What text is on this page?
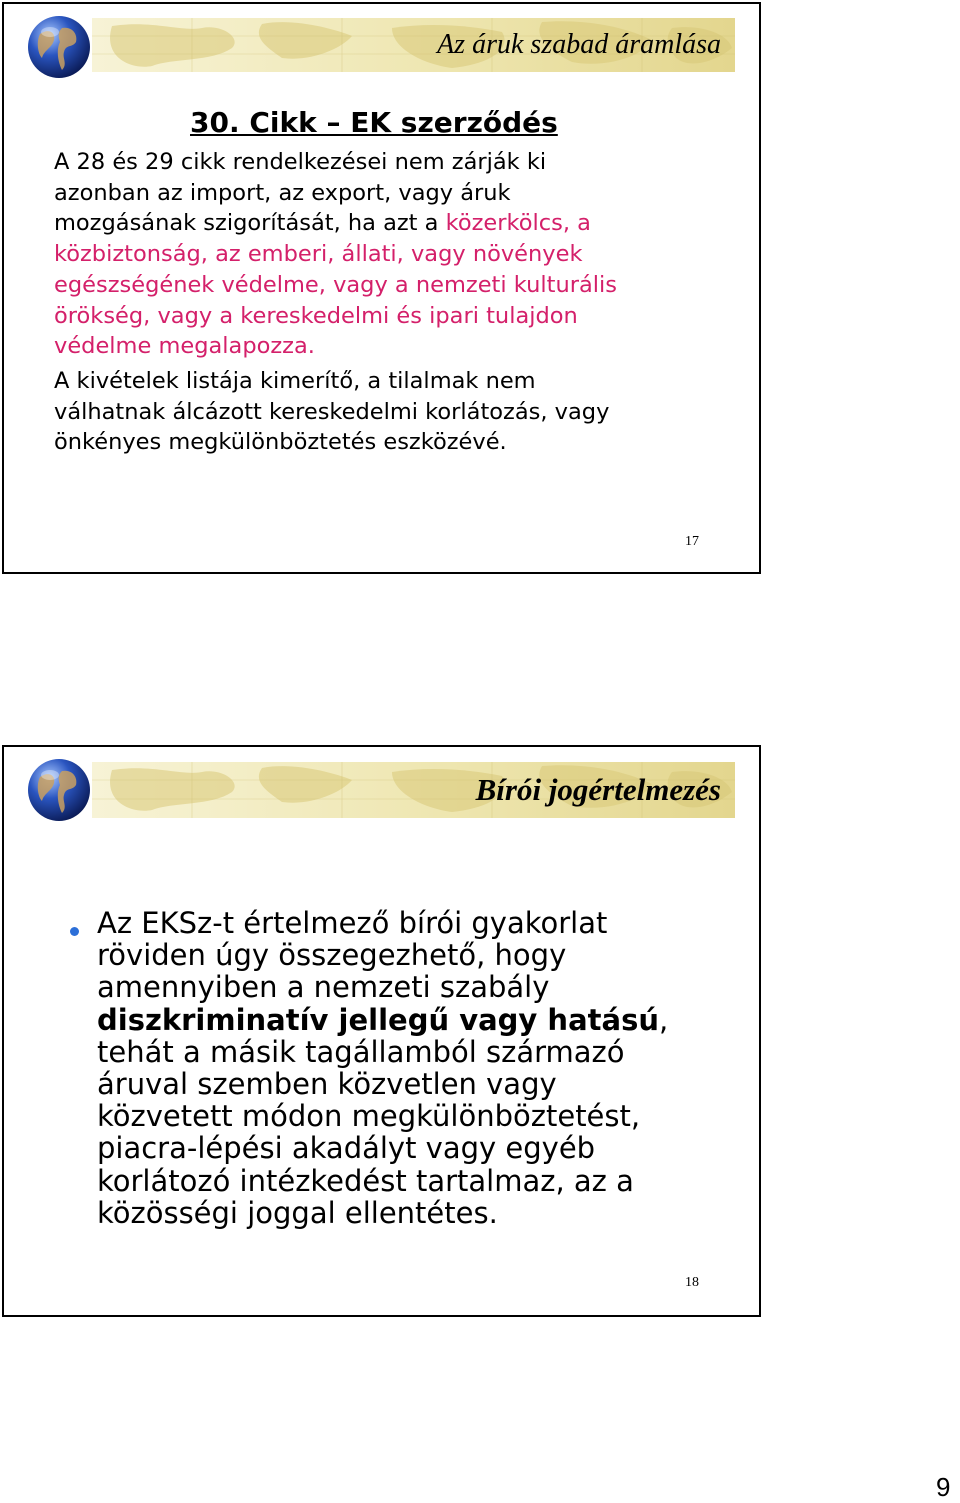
Az áruk szabad áramlása
30. Cikk – EK szerződés

A 28 és 29 cikk rendelkezései nem zárják ki
azonban az import, az export, vagy áruk
mozgásának szigorítását, ha azt a közerkölcs, a
közbiztonság, az emberi, állati, vagy növények
egészségének védelme, vagy a nemzeti kulturális
örökség, vagy a kereskedelmi és ipari tulajdon
védelme megalapozza.

A kivételek listája kimerítő, a tilalmak nem
válhatnak álcázott kereskedelmi korlátozás, vagy
önkényes megkülönböztetés eszközévé.

17
Bírói jogértelmezés

Az EKSz-t értelmező bírói gyakorlat
röviden úgy összegezhető, hogy
amennyiben a nemzeti szabály
diszkriminatív jellegű vagy hatású,
tehát a másik tagállamból származó
áruval szemben közvetlen vagy
közvetett módon megkülönböztetést,
piacra-lépési akadályt vagy egyéb
korlátozó intézkedést tartalmaz, az a
közösségi joggal ellentétes.

18
9
